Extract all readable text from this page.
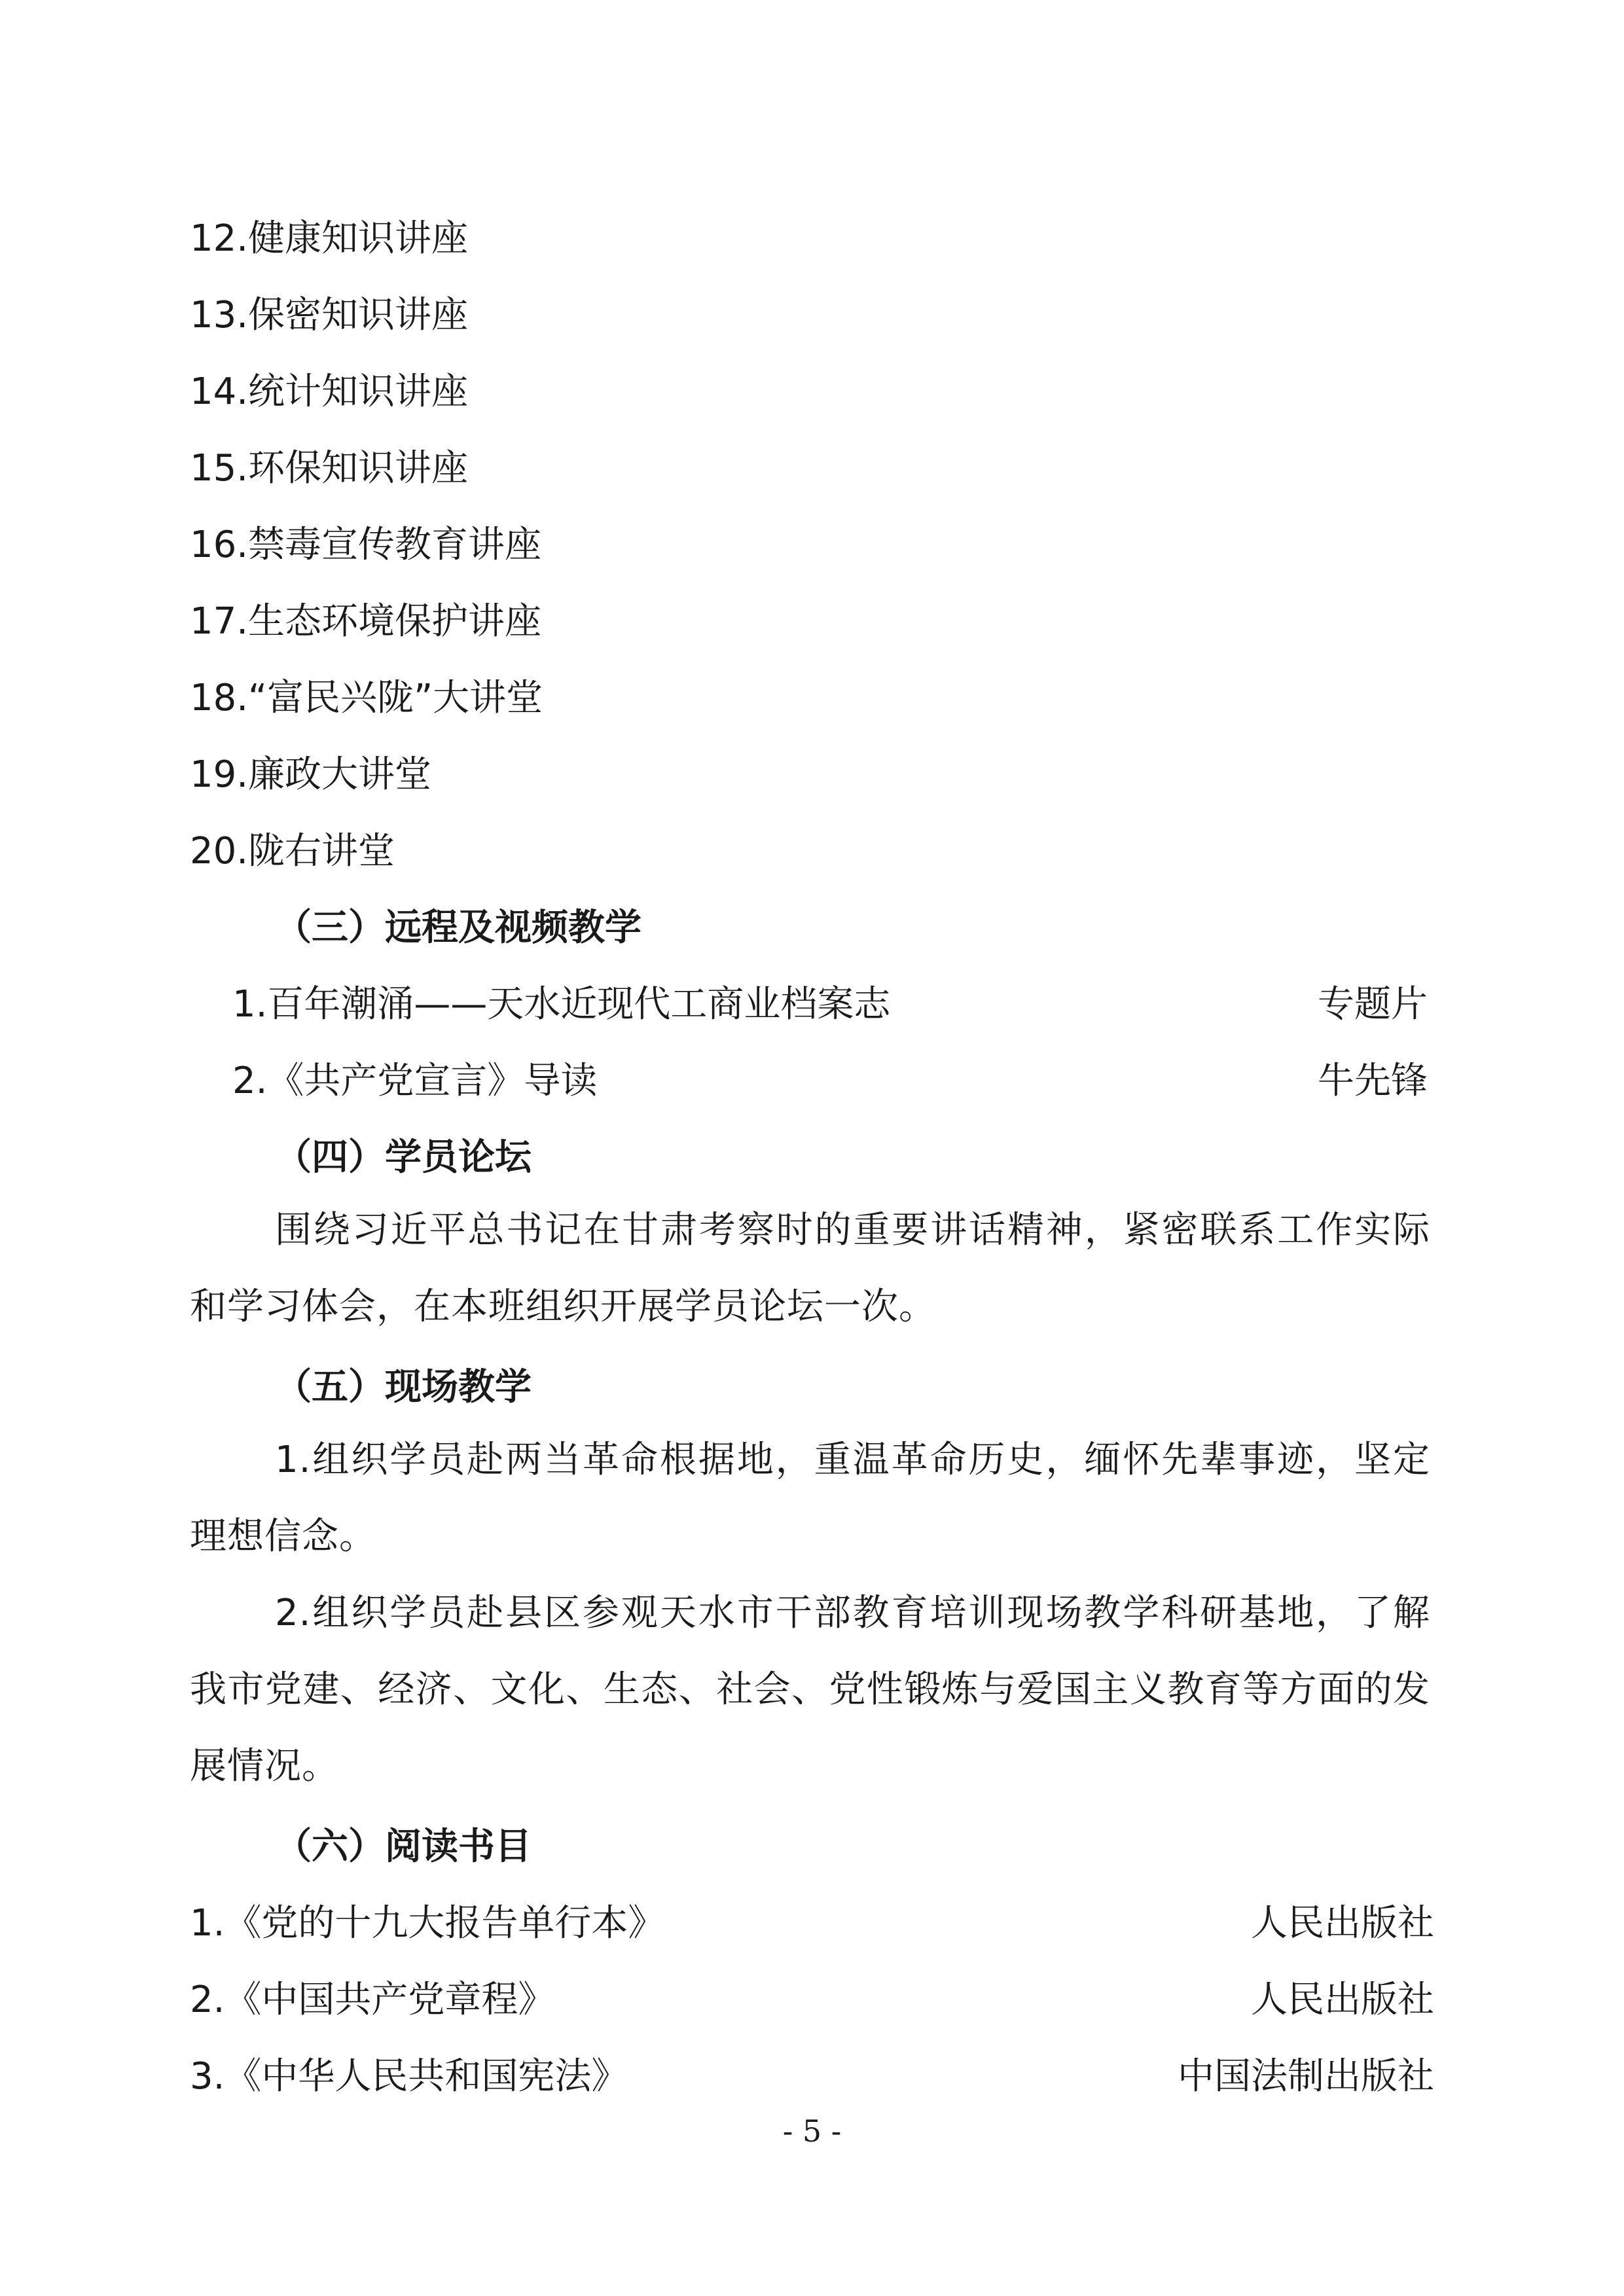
12.健康知识讲座
13.保密知识讲座
14.统计知识讲座
15.环保知识讲座
16.禁毒宣传教育讲座
17.生态环境保护讲座
18.“富民兴陇”大讲堂
19.廉政大讲堂
20.陇右讲堂
（三）远程及视频教学
1.百年潮涌——天水近现代工商业档案志	专题片
2.《共产党宣言》导读	牛先锋
（四）学员论坛
围绕习近平总书记在甘肃考察时的重要讲话精神，紧密联系工作实际和学习体会，在本班组织开展学员论坛一次。
（五）现场教学
1.组织学员赴两当革命根据地，重温革命历史，缅怀先辈事迹，坚定理想信念。
2.组织学员赴县区参观天水市干部教育培训现场教学科研基地，了解我市党建、经济、文化、生态、社会、党性锻炼与爱国主义教育等方面的发展情况。
（六）阅读书目
1.《党的十九大报告单行本》	人民出版社
2.《中国共产党章程》	人民出版社
3.《中华人民共和国宪法》	中国法制出版社
- 5 -
